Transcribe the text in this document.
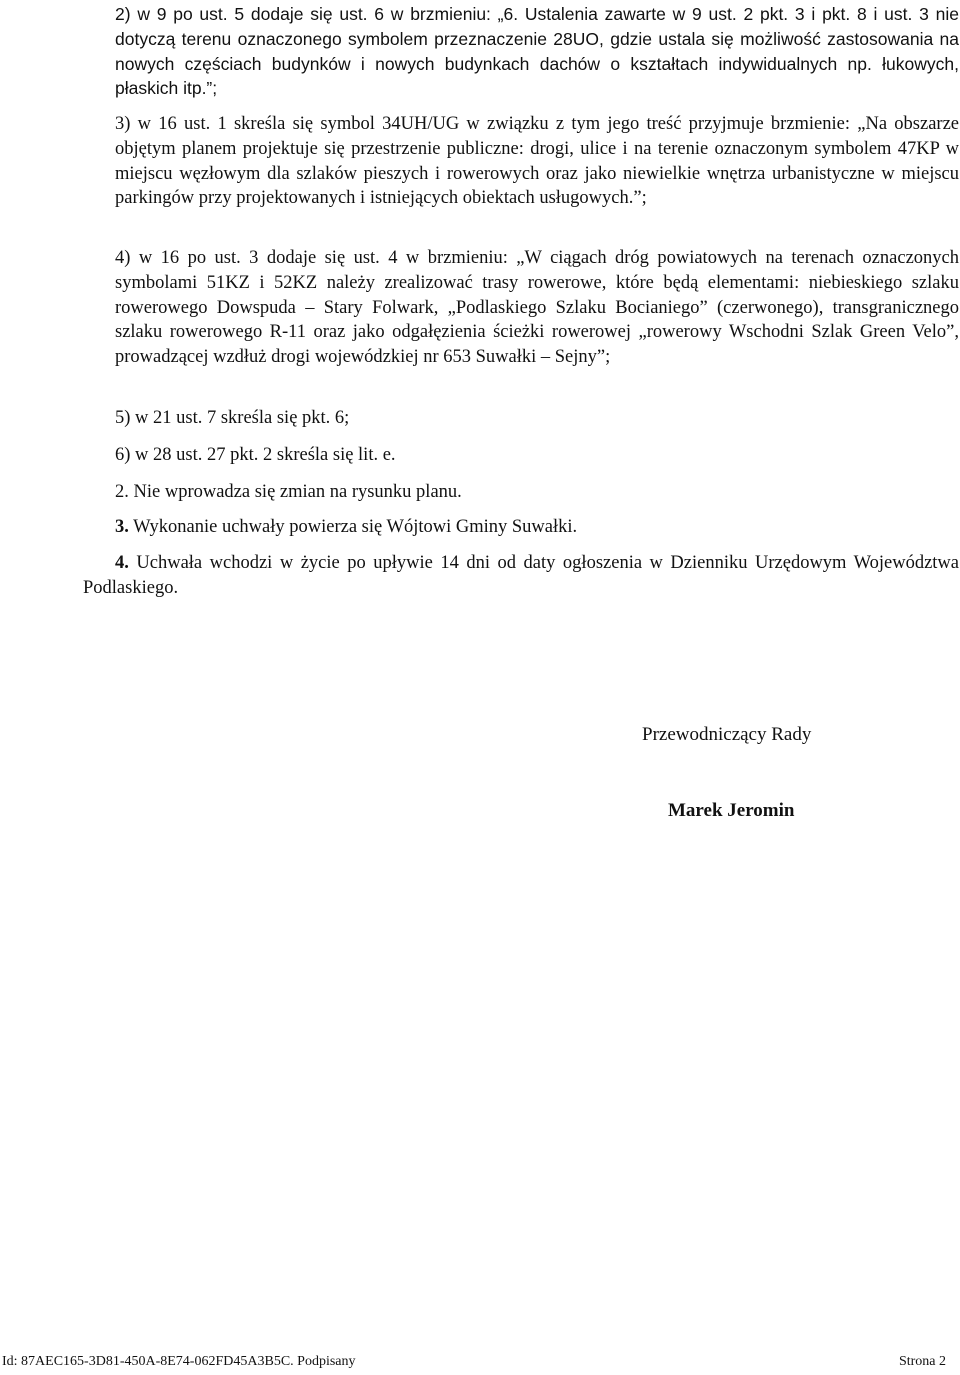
2) w 9 po ust. 5 dodaje się ust. 6 w brzmieniu: „6. Ustalenia zawarte w 9 ust. 2 pkt. 3 i pkt. 8 i ust. 3 nie dotyczą terenu oznaczonego symbolem przeznaczenie 28UO, gdzie ustala się możliwość zastosowania na nowych częściach budynków i nowych budynkach dachów o kształtach indywidualnych np. łukowych, płaskich itp.”;

3) w 16 ust. 1 skreśla się symbol 34UH/UG w związku z tym jego treść przyjmuje brzmienie: „Na obszarze objętym planem projektuje się przestrzenie publiczne: drogi, ulice i na terenie oznaczonym symbolem 47KP w miejscu węzłowym dla szlaków pieszych i rowerowych oraz jako niewielkie wnętrza urbanistyczne w miejscu parkingów przy projektowanych i istniejących obiektach usługowych.”;

4) w 16 po ust. 3 dodaje się ust. 4 w brzmieniu: „W ciągach dróg powiatowych na terenach oznaczonych symbolami 51KZ i 52KZ należy zrealizować trasy rowerowe, które będą elementami: niebieskiego szlaku rowerowego Dowspuda – Stary Folwark, „Podlaskiego Szlaku Bocianiego” (czerwonego), transgranicznego szlaku rowerowego R-11 oraz jako odgałęzienia ścieżki rowerowej „rowerowy Wschodni Szlak Green Velo”, prowadzącej wzdłuż drogi wojewódzkiej nr 653 Suwałki – Sejny”;

5) w 21 ust. 7 skreśla się pkt. 6;

6) w 28 ust. 27 pkt. 2 skreśla się lit. e.

2. Nie wprowadza się zmian na rysunku planu.

3. Wykonanie uchwały powierza się Wójtowi Gminy Suwałki.

4. Uchwała wchodzi w życie po upływie 14 dni od daty ogłoszenia w Dzienniku Urzędowym Województwa Podlaskiego.

Przewodniczący Rady
Marek Jeromin
Id: 87AEC165-3D81-450A-8E74-062FD45A3B5C. Podpisany	Strona 2
